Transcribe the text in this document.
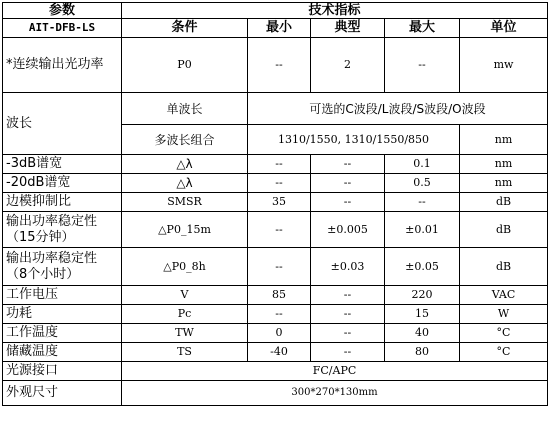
参数	技术指标				
AIT-DFB-LS	条件	最小	典型	最大	单位
*连续输出光功率	P0	--	2	--	mw
波长	单波长	可选的C波段/L波段/S波段/O波段			
	多波长组合	1310/1550, 1310/1550/850			nm
-3dB谱宽	△λ	--	--	0.1	nm
-20dB谱宽	△λ	--	--	0.5	nm
边模抑制比	SMSR	35	--	--	dB
输出功率稳定性
（15分钟）	△P0_15m	--	±0.005	±0.01	dB
输出功率稳定性
（8个小时）	△P0_8h	--	±0.03	±0.05	dB
工作电压	V	85	--	220	VAC
功耗	Pc	--	--	15	W
工作温度	TW	0	--	40	°C
储藏温度	TS	-40	--	80	°C
光源接口	FC/APC				
外观尺寸	300*270*130mm				
